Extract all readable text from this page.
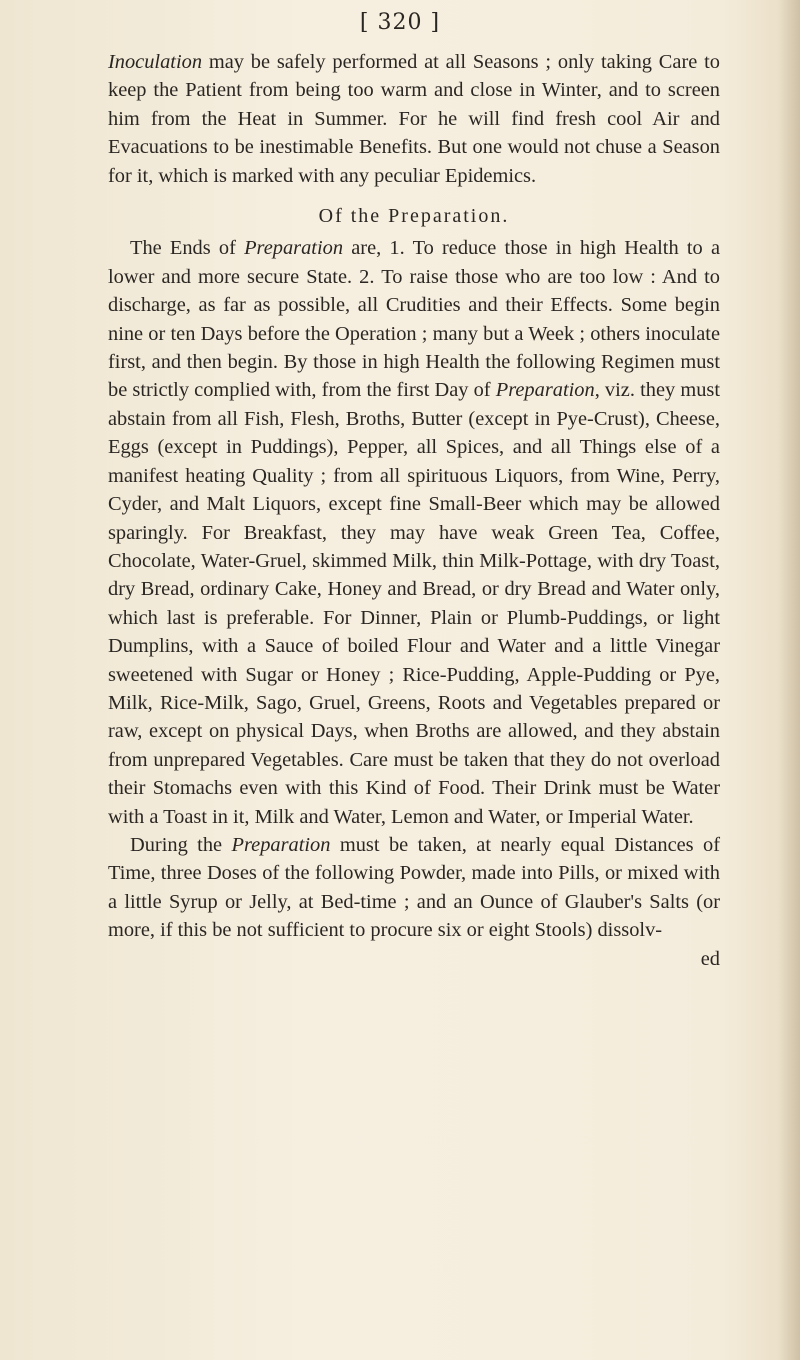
[ 320 ]

Inoculation may be safely performed at all Seasons ; only taking Care to keep the Patient from being too warm and close in Winter, and to screen him from the Heat in Summer. For he will find fresh cool Air and Evacuations to be inestimable Benefits. But one would not chuse a Season for it, which is marked with any peculiar Epidemics.

Of the Preparation.

The Ends of Preparation are, 1. To reduce those in high Health to a lower and more secure State. 2. To raise those who are too low : And to discharge, as far as possible, all Crudities and their Effects. Some begin nine or ten Days before the Operation ; many but a Week ; others inoculate first, and then begin. By those in high Health the following Regimen must be strictly complied with, from the first Day of Preparation, viz. they must abstain from all Fish, Flesh, Broths, Butter (except in Pye-Crust), Cheese, Eggs (except in Puddings), Pepper, all Spices, and all Things else of a manifest heating Quality ; from all spirituous Liquors, from Wine, Perry, Cyder, and Malt Liquors, except fine Small-Beer which may be allowed sparingly. For Breakfast, they may have weak Green Tea, Coffee, Chocolate, Water-Gruel, skimmed Milk, thin Milk-Pottage, with dry Toast, dry Bread, ordinary Cake, Honey and Bread, or dry Bread and Water only, which last is preferable. For Dinner, Plain or Plumb-Puddings, or light Dumplins, with a Sauce of boiled Flour and Water and a little Vinegar sweetened with Sugar or Honey ; Rice-Pudding, Apple-Pudding or Pye, Milk, Rice-Milk, Sago, Gruel, Greens, Roots and Vegetables prepared or raw, except on physical Days, when Broths are allowed, and they abstain from unprepared Vegetables. Care must be taken that they do not overload their Stomachs even with this Kind of Food. Their Drink must be Water with a Toast in it, Milk and Water, Lemon and Water, or Imperial Water.

During the Preparation must be taken, at nearly equal Distances of Time, three Doses of the following Powder, made into Pills, or mixed with a little Syrup or Jelly, at Bed-time ; and an Ounce of Glauber's Salts (or more, if this be not sufficient to procure six or eight Stools) dissolv-

ed
